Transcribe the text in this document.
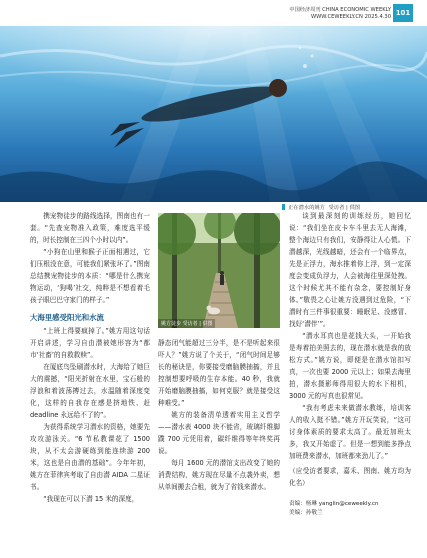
中国经济周刊 CHINA ECONOMIC WEEKLY
WWW.CEWEEKLY.CN 2025.4.30 101
正在潜水的姚方 受访者 | 供图

携宠物徒步的路线选择，图南也有一套。“先查宠物准入政策，难度选平缓的，时长控制在三四个小时以内”。

“小狗在山里和猴子正面相遇过，它们压根没在意，可能我们紧张坏了。”图南总结携宠物徒步的本质：“哪是什么携宠物运动，‘狗喝’社交，纯粹是不想看着毛孩子眼巴巴守家门的样子。”

大海里感受阳光和水流

“上班上得要疯掉了。”姚方用这句话开启讲述，学习自由潜被她形容为“都市‘社畜’的自救救赎”。

在厦底鸟坠刷潜水时，大海给了她巨大的震撼，“阳光折射在水里，宝石般的浮浪和着波荡搏过去，水温随着深度变化，这样的自我存在感是挤地铁、赶 deadline 永远给不了的”。

为获得系统学习潜水的资格，她要先攻攻游泳关。“6 节私教课花了 1500 块，从不太会游硬练到能连续游 200 米，这也是自由潜的基础”。今年年初，姚方在菲律宾考取了自由潜 AIDA 二星证书。

“我现在可以下潜 15 米的深度，

姚方徒步 受访者 | 供图

静态闭气能超过三分半，是不是听起来很吓人？”姚方说了个关于，“闭气时间足够长的秘诀是，你要接受磨脑膜抽搐，并且控制想要呼吸的生存本能。40 秒，我就开始磨脑膜抽搐，如何克服？就是接受这种难受。”

姚方的装备清单透着实用主义哲学——潜水表 4000 块不能省，玻璃纤维脚蹼 700 元凭用着，碳纤维得等年终奖再说。

每月 1600 元的潜馆支出改变了她的消费结构，姚方现在尽量不点袭外卖，想从单间搬去合租，就为了省钱来潜水。

谈到最深刻的训练经历，她回忆说：“我们坐在皮卡车斗里去无人海滩，整个海边只有我们，安静得让人心慌。下潜越深，光线越暗，还会有一个临界点，先是正浮力，海水推着你上浮，到一定深度会变成负浮力，人会被海往里深处拽。这个时候尤其不能有杂念，要控制好身体。”敬畏之心让姚方没遇到过危险，“下潜时有三件事很重要：睡眠足、没感冒、找好‘潜伴’”。

“潜水耳真也是花钱大头，一开始我是寿着拍美照去的，现在潜水就是我的放松方式。”姚方说，即便是在潜水馆扣写真，一次也要 2000 元以上；如果去海里拍，潜水摄影师得用很大的水下相机，3000 元的写真也很常见。

“我有考虑未来做潜水教练，培训客人的收入挺不错。”姚方开玩笑说，“这可讨身体素质的要求太高了。最近加班太多，我又开始虚了。但是一想到能多挣点加班费来潜水，加班都来劲儿了。”

（应受访者要求，嘉禾、图南、姚方均为化名）

责编：杨琳 yanglin@ceweekly.cn
美编：孙敬兰
